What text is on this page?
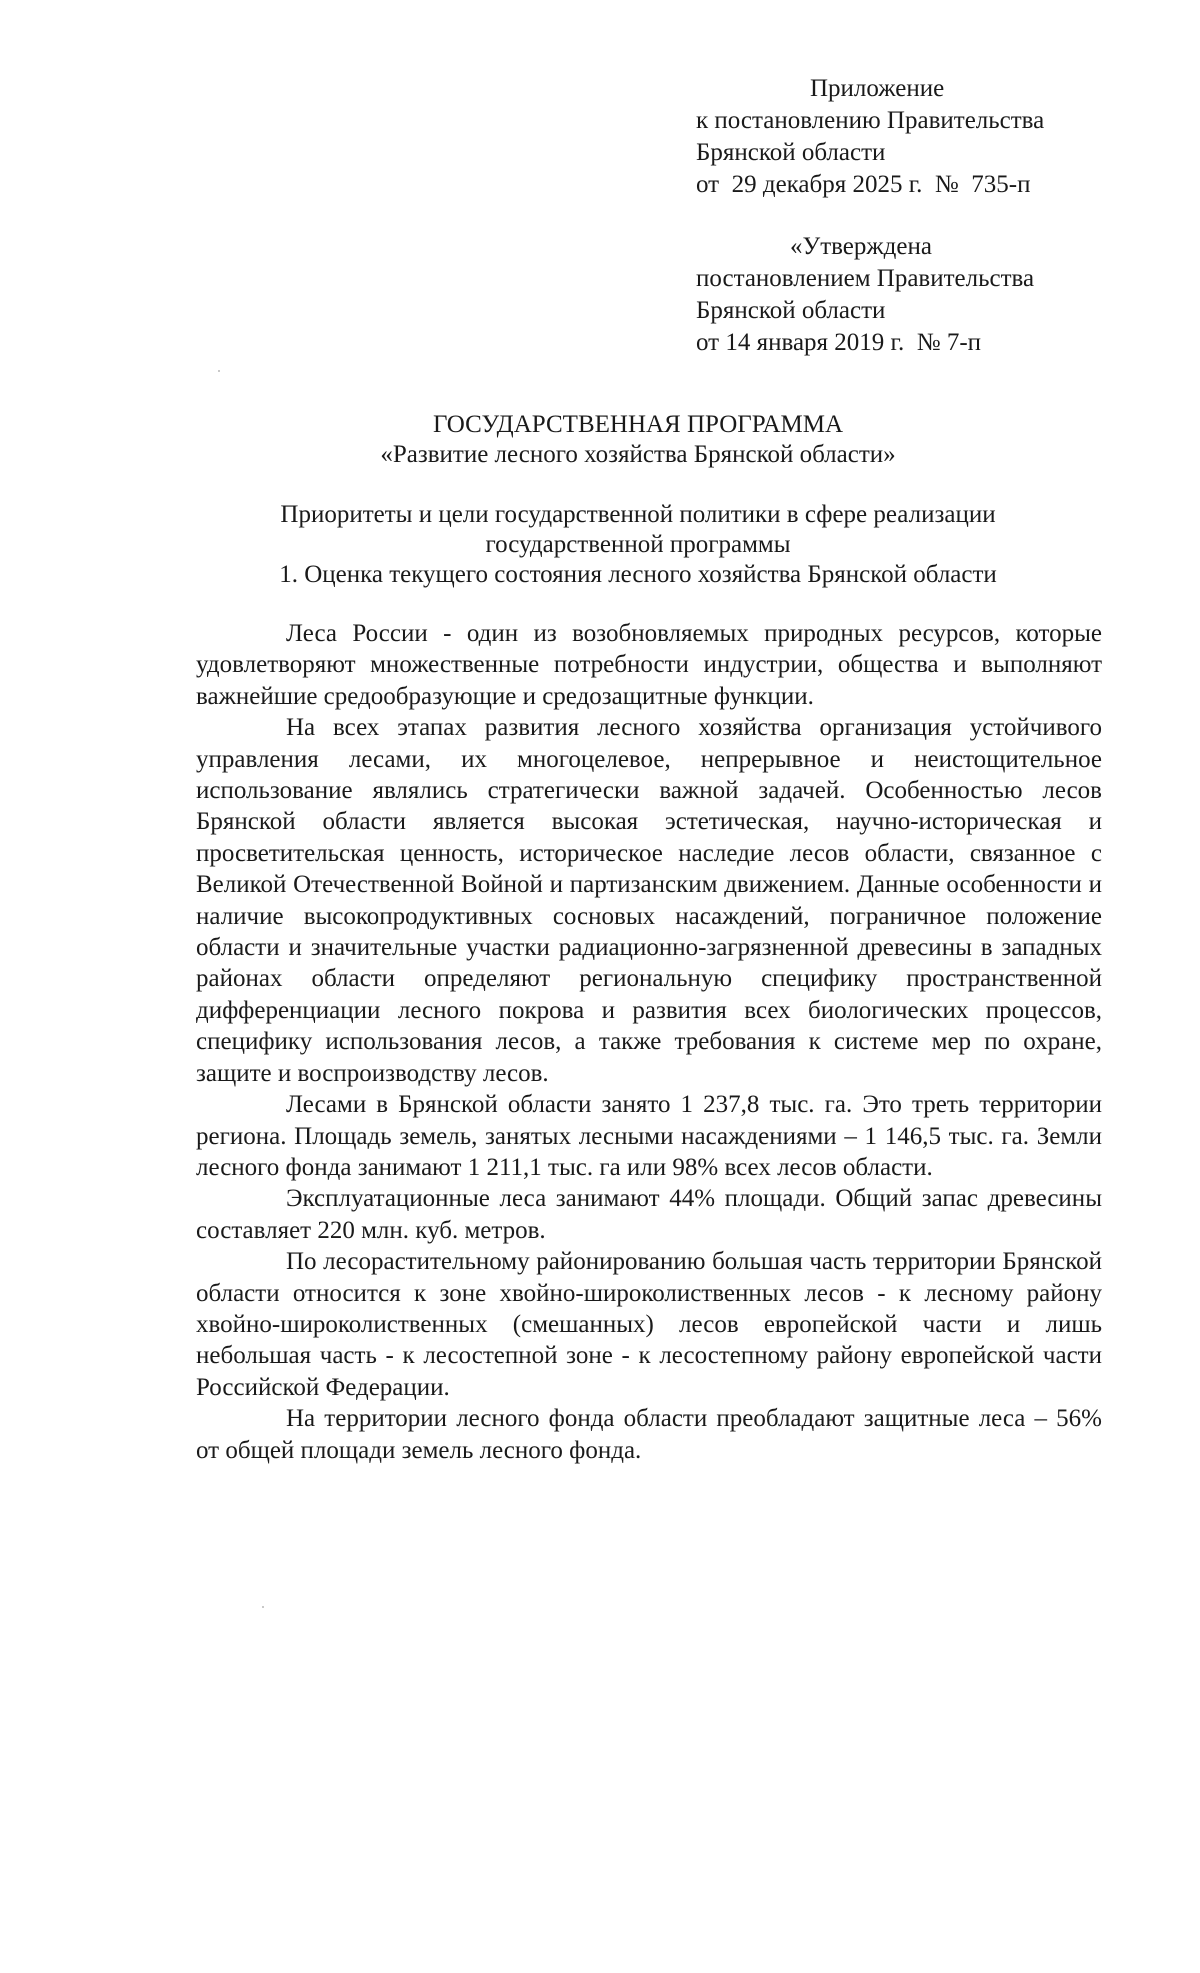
Приложение
к постановлению Правительства
Брянской области
от  29 декабря 2025 г.  №  735-п
«Утверждена
постановлением Правительства
Брянской области
от 14 января 2019 г.  № 7-п
ГОСУДАРСТВЕННАЯ ПРОГРАММА
«Развитие лесного хозяйства Брянской области»
Приоритеты и цели государственной политики в сфере реализации
государственной программы
1. Оценка текущего состояния лесного хозяйства Брянской области

Леса России - один из возобновляемых природных ресурсов, которые удовлетворяют множественные потребности индустрии, общества и выполняют важнейшие средообразующие и средозащитные функции.

На всех этапах развития лесного хозяйства организация устойчивого управления лесами, их многоцелевое, непрерывное и неистощительное использование являлись стратегически важной задачей. Особенностью лесов Брянской области является высокая эстетическая, научно-историческая и просветительская ценность, историческое наследие лесов области, связанное с Великой Отечественной Войной и партизанским движением. Данные особенности и наличие высокопродуктивных сосновых насаждений, пограничное положение области и значительные участки радиационно-загрязненной древесины в западных районах области определяют региональную специфику пространственной дифференциации лесного покрова и развития всех биологических процессов, специфику использования лесов, а также требования к системе мер по охране, защите и воспроизводству лесов.

Лесами в Брянской области занято 1 237,8 тыс. га. Это треть территории региона. Площадь земель, занятых лесными насаждениями – 1 146,5 тыс. га. Земли лесного фонда занимают 1 211,1 тыс. га или 98% всех лесов области.

Эксплуатационные леса занимают 44% площади. Общий запас древесины составляет 220 млн. куб. метров.

По лесорастительному районированию большая часть территории Брянской области относится к зоне хвойно-широколиственных лесов - к лесному району хвойно-широколиственных (смешанных) лесов европейской части и лишь небольшая часть - к лесостепной зоне - к лесостепному району европейской части Российской Федерации.

На территории лесного фонда области преобладают защитные леса – 56% от общей площади земель лесного фонда.
